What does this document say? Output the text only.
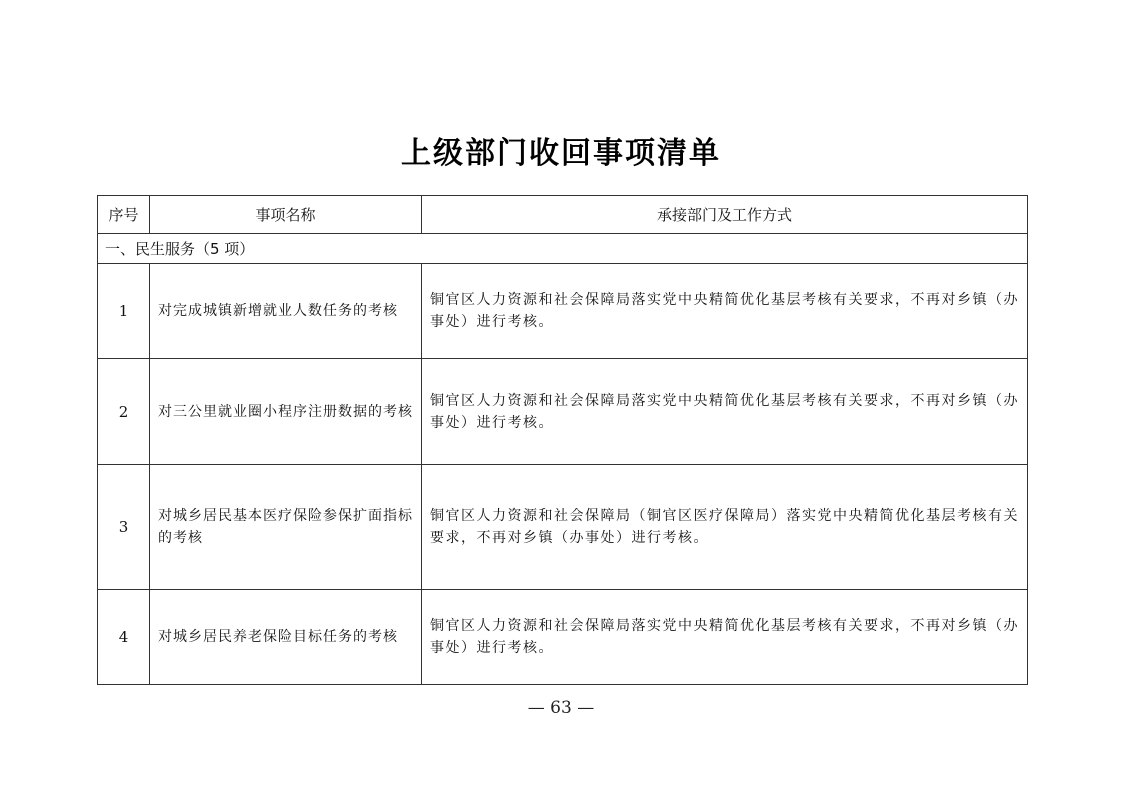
上级部门收回事项清单
序号	事项名称	承接部门及工作方式
一、民生服务（5 项）		
1	对完成城镇新增就业人数任务的考核	铜官区人力资源和社会保障局落实党中央精简优化基层考核有关要求，不再对乡镇（办事处）进行考核。
2	对三公里就业圈小程序注册数据的考核	铜官区人力资源和社会保障局落实党中央精简优化基层考核有关要求，不再对乡镇（办事处）进行考核。
3	对城乡居民基本医疗保险参保扩面指标的考核	铜官区人力资源和社会保障局（铜官区医疗保障局）落实党中央精简优化基层考核有关要求，不再对乡镇（办事处）进行考核。
4	对城乡居民养老保险目标任务的考核	铜官区人力资源和社会保障局落实党中央精简优化基层考核有关要求，不再对乡镇（办事处）进行考核。
— 63 —
